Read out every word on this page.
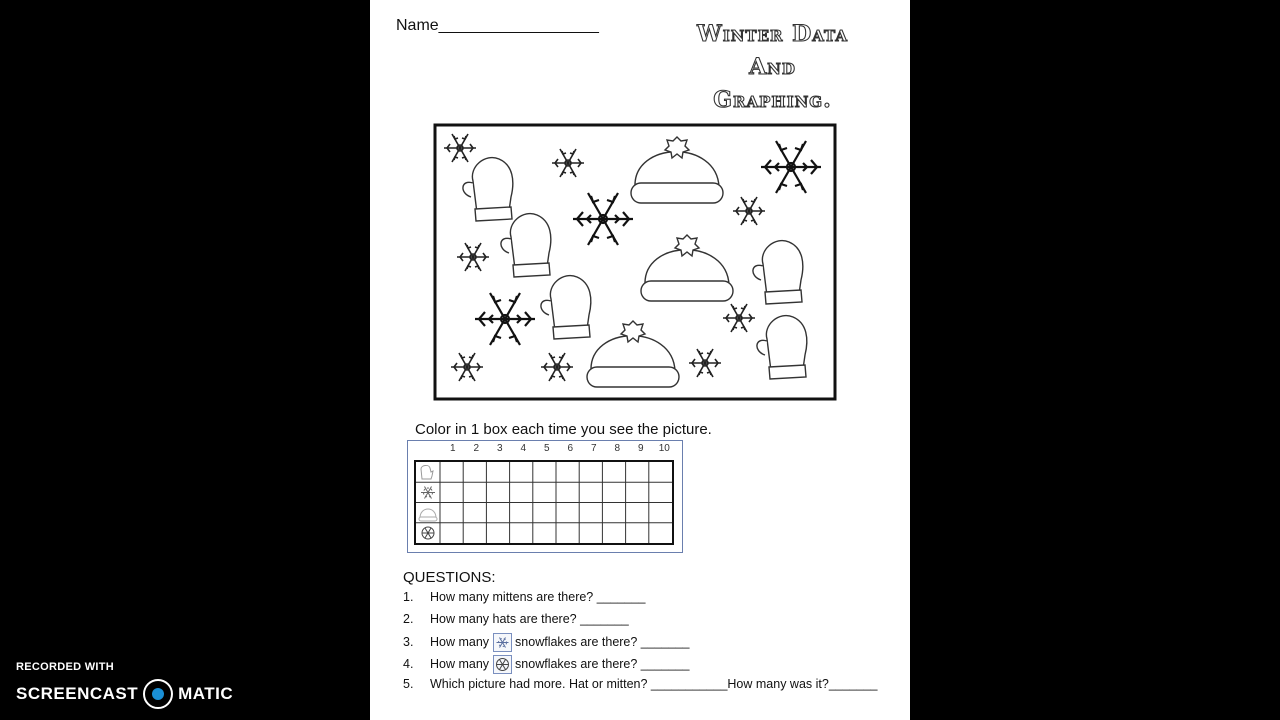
Name__________________	Winter Data
And
Graphing.
Color in 1 box each time you see the picture.
1	2	3	4	5	6	7	8	9	10
QUESTIONS:
1. How many mittens are there? _______
2. How many hats are there? _______
3. How many snowflakes are there? _______
4. How many snowflakes are there? _______
5. Which picture had more. Hat or mitten? ___________How many was it?_______
RECORDED WITH
SCREENCAST MATIC
